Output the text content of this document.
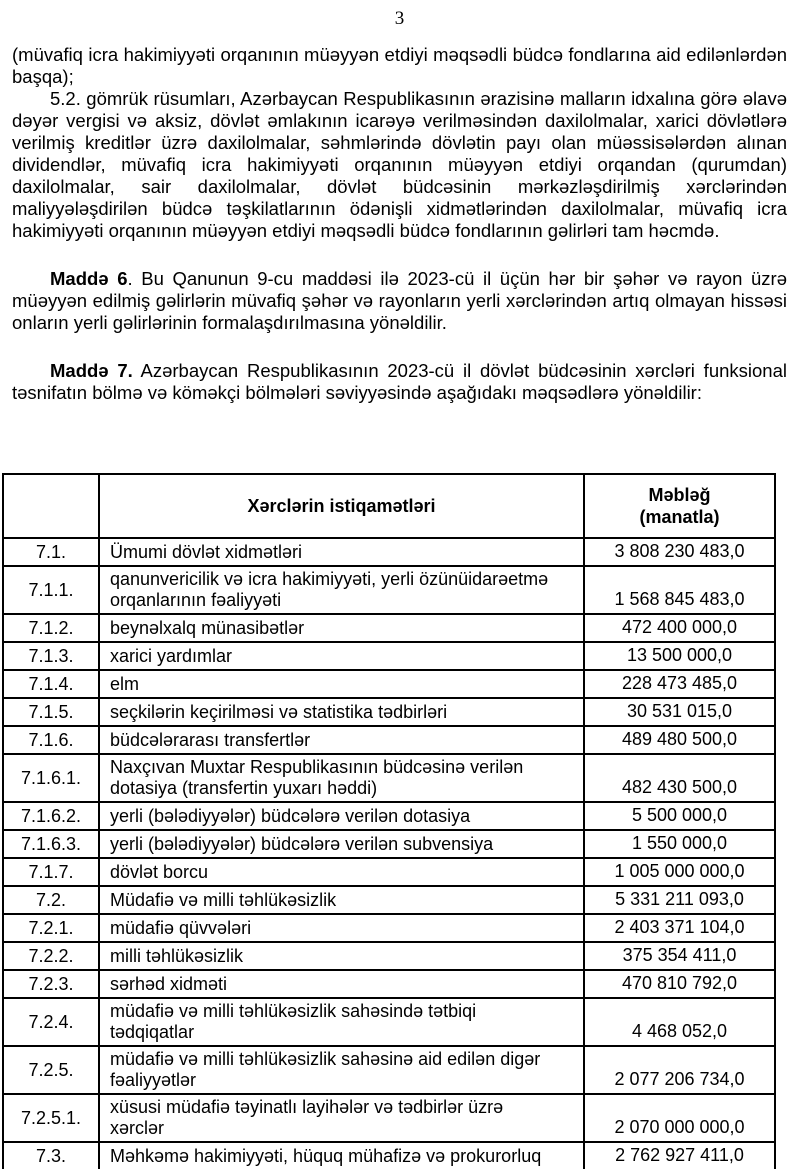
3

(müvafiq icra hakimiyyəti orqanının müəyyən etdiyi məqsədli büdcə fondlarına aid edilənlərdən başqa);

5.2. gömrük rüsumları, Azərbaycan Respublikasının ərazisinə malların idxalına görə əlavə dəyər vergisi və aksiz, dövlət əmlakının icarəyə verilməsindən daxilolmalar, xarici dövlətlərə verilmiş kreditlər üzrə daxilolmalar, səhmlərində dövlətin payı olan müəssisələrdən alınan dividendlər, müvafiq icra hakimiyyəti orqanının müəyyən etdiyi orqandan (qurumdan) daxilolmalar, sair daxilolmalar, dövlət büdcəsinin mərkəzləşdirilmiş xərclərindən maliyyələşdirilən büdcə təşkilatlarının ödənişli xidmətlərindən daxilolmalar, müvafiq icra hakimiyyəti orqanının müəyyən etdiyi məqsədli büdcə fondlarının gəlirləri tam həcmdə.

Maddə 6. Bu Qanunun 9-cu maddəsi ilə 2023-cü il üçün hər bir şəhər və rayon üzrə müəyyən edilmiş gəlirlərin müvafiq şəhər və rayonların yerli xərclərindən artıq olmayan hissəsi onların yerli gəlirlərinin formalaşdırılmasına yönəldilir.

Maddə 7. Azərbaycan Respublikasının 2023-cü il dövlət büdcəsinin xərcləri funksional təsnifatın bölmə və köməkçi bölmələri səviyyəsində aşağıdakı məqsədlərə yönəldilir:

	Xərclərin istiqamətləri	Məbləğ
(manatla)

7.1.	Ümumi dövlət xidmətləri	3 808 230 483,0
7.1.1.	qanunvericilik və icra hakimiyyəti, yerli özünüidarəetmə orqanlarının fəaliyyəti	1 568 845 483,0
7.1.2.	beynəlxalq münasibətlər	472 400 000,0
7.1.3.	xarici yardımlar	13 500 000,0
7.1.4.	elm	228 473 485,0
7.1.5.	seçkilərin keçirilməsi və statistika tədbirləri	30 531 015,0
7.1.6.	büdcələrarası transfertlər	489 480 500,0
7.1.6.1.	Naxçıvan Muxtar Respublikasının büdcəsinə verilən dotasiya (transfertin yuxarı həddi)	482 430 500,0
7.1.6.2.	yerli (bələdiyyələr) büdcələrə verilən dotasiya	5 500 000,0
7.1.6.3.	yerli (bələdiyyələr) büdcələrə verilən subvensiya	1 550 000,0
7.1.7.	dövlət borcu	1 005 000 000,0
7.2.	Müdafiə və milli təhlükəsizlik	5 331 211 093,0
7.2.1.	müdafiə qüvvələri	2 403 371 104,0
7.2.2.	milli təhlükəsizlik	375 354 411,0
7.2.3.	sərhəd xidməti	470 810 792,0
7.2.4.	müdafiə və milli təhlükəsizlik sahəsində tətbiqi tədqiqatlar	4 468 052,0
7.2.5.	müdafiə və milli təhlükəsizlik sahəsinə aid edilən digər fəaliyyətlər	2 077 206 734,0
7.2.5.1.	xüsusi müdafiə təyinatlı layihələr və tədbirlər üzrə xərclər	2 070 000 000,0
7.3.	Məhkəmə hakimiyyəti, hüquq mühafizə və prokurorluq	2 762 927 411,0
